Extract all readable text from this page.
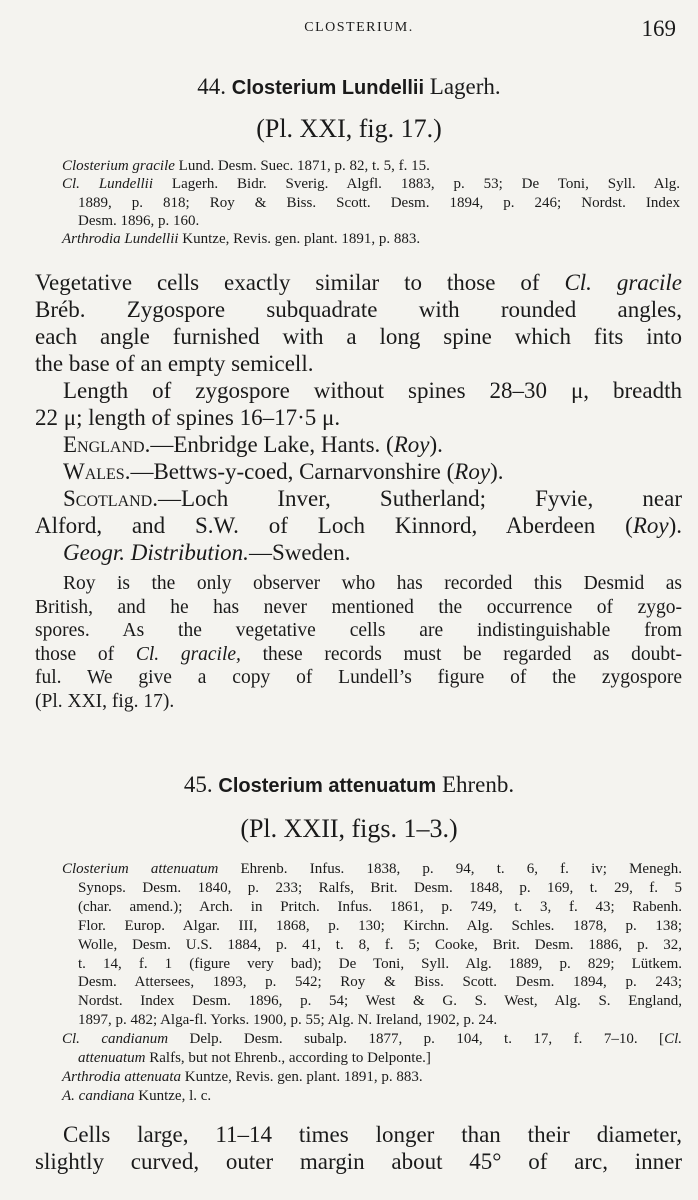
CLOSTERIUM.	169
44. Closterium Lundellii Lagerh.
(Pl. XXI, fig. 17.)
Closterium gracile Lund. Desm. Suec. 1871, p. 82, t. 5, f. 15.
Cl. Lundellii Lagerh. Bidr. Sverig. Algfl. 1883, p. 53; De Toni, Syll. Alg.
1889, p. 818; Roy & Biss. Scott. Desm. 1894, p. 246; Nordst. Index
Desm. 1896, p. 160.
Arthrodia Lundellii Kuntze, Revis. gen. plant. 1891, p. 883.
Vegetative cells exactly similar to those of Cl. gracile
Bréb. Zygospore subquadrate with rounded angles,
each angle furnished with a long spine which fits into
the base of an empty semicell.
Length of zygospore without spines 28–30 μ, breadth
22 μ; length of spines 16–17·5 μ.
England.—Enbridge Lake, Hants. (Roy).
Wales.—Bettws-y-coed, Carnarvonshire (Roy).
Scotland.—Loch Inver, Sutherland; Fyvie, near
Alford, and S.W. of Loch Kinnord, Aberdeen (Roy).
Geogr. Distribution.—Sweden.
Roy is the only observer who has recorded this Desmid as
British, and he has never mentioned the occurrence of zygo-
spores. As the vegetative cells are indistinguishable from
those of Cl. gracile, these records must be regarded as doubt-
ful. We give a copy of Lundell’s figure of the zygospore
(Pl. XXI, fig. 17).
45. Closterium attenuatum Ehrenb.
(Pl. XXII, figs. 1–3.)
Closterium attenuatum Ehrenb. Infus. 1838, p. 94, t. 6, f. iv; Menegh.
Synops. Desm. 1840, p. 233; Ralfs, Brit. Desm. 1848, p. 169, t. 29, f. 5
(char. amend.); Arch. in Pritch. Infus. 1861, p. 749, t. 3, f. 43; Rabenh.
Flor. Europ. Algar. III, 1868, p. 130; Kirchn. Alg. Schles. 1878, p. 138;
Wolle, Desm. U.S. 1884, p. 41, t. 8, f. 5; Cooke, Brit. Desm. 1886, p. 32,
t. 14, f. 1 (figure very bad); De Toni, Syll. Alg. 1889, p. 829; Lütkem.
Desm. Attersees, 1893, p. 542; Roy & Biss. Scott. Desm. 1894, p. 243;
Nordst. Index Desm. 1896, p. 54; West & G. S. West, Alg. S. England,
1897, p. 482; Alga-fl. Yorks. 1900, p. 55; Alg. N. Ireland, 1902, p. 24.
Cl. candianum Delp. Desm. subalp. 1877, p. 104, t. 17, f. 7–10. [Cl.
attenuatum Ralfs, but not Ehrenb., according to Delponte.]
Arthrodia attenuata Kuntze, Revis. gen. plant. 1891, p. 883.
A. candiana Kuntze, l. c.
Cells large, 11–14 times longer than their diameter,
slightly curved, outer margin about 45° of arc, inner
